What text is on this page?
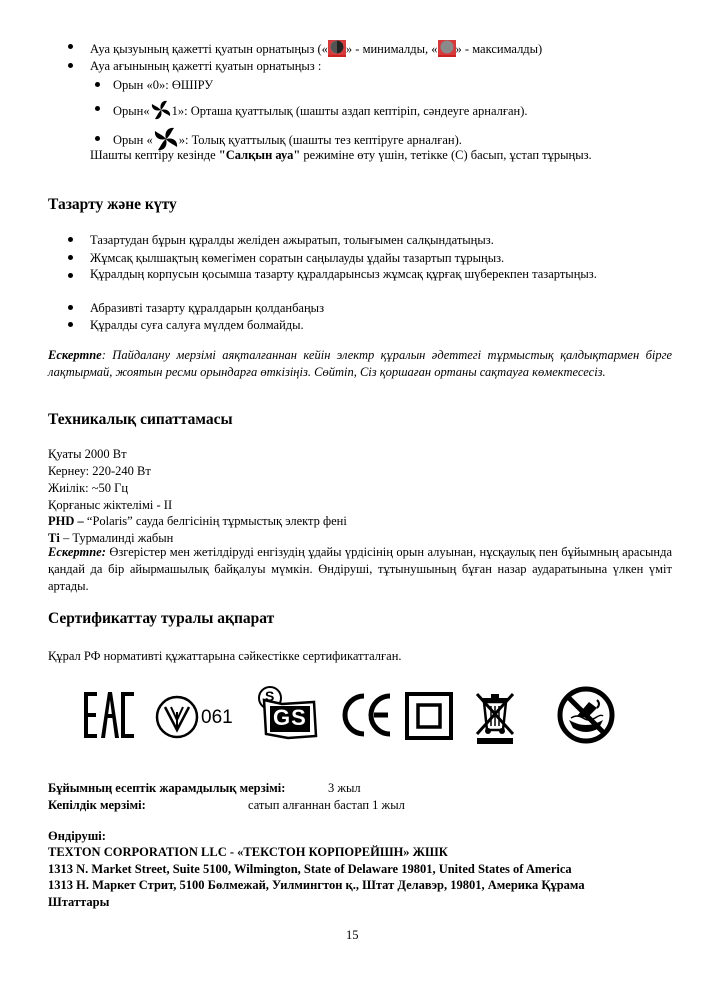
Ауа қызуының қажетті қуатын орнатыңыз (« » - минималды, « » - максималды)
Ауа ағынының қажетті қуатын орнатыңыз :
Орын «0»: ӨШІРУ
Орын« 1»: Орташа қуаттылық (шашты аздап кептіріп, сәндеуге арналған).
Орын « »: Толық қуаттылық (шашты тез кептіруге арналған).
Шашты кептіру кезінде "Салқын ауа" режиміне өту үшін, тетікке (С) басып, ұстап тұрыңыз.
Тазарту және күту
Тазартудан бұрын құралды желіден ажыратып, толығымен салқындатыңыз.
Жұмсақ қылшақтың көмегімен соратын саңылауды ұдайы тазартып тұрыңыз.
Құралдың корпусын қосымша тазарту құралдарынсыз жұмсақ құрғақ шүберекпен тазартыңыз.
Абразивті тазарту құралдарын қолданбаңыз
Құралды суға салуға мүлдем болмайды.
Ескертпе: Пайдалану мерзімі аяқталғаннан кейін электр құралын әдеттегі тұрмыстық қалдықтармен бірге лақтырмай, жоятын ресми орындарға өткізіңіз. Сөйтіп, Сіз қоршаған ортаны сақтауға көмектесесіз.
Техникалық сипаттамасы
Қуаты 2000 Вт
Кернеу: 220-240 Вт
Жиілік: ~50 Гц
Қорғаныс жіктелімі - II
PHD – “Polaris” сауда белгісінің тұрмыстық электр фені
Ті – Турмалинді жабын
Ескертпе: Өзгерістер мен жетілдіруді енгізудің ұдайы үрдісінің орын алуынан, нұсқаулық пен бұйымның арасында қандай да бір айырмашылық байқалуы мүмкін. Өндіруші, тұтынушының бұған назар аударатынына үлкен үміт артады.
Сертификаттау туралы ақпарат
Құрал РФ нормативті құжаттарына сәйкестікке сертификатталған.
061
S
GS
Бұйымның есептік жарамдылық мерзімі:	3 жыл
Кепілдік мерзімі:	сатып алғаннан бастап 1 жыл
Өндіруші:
TEXTON CORPORATION LLC - «ТЕКСТОН КОРПОРЕЙШН» ЖШК
1313 N. Market Street, Suite 5100, Wilmington, State of Delaware 19801, United States of America
1313 Н. Маркет Стрит, 5100 Бөлмежай, Уилмингтон қ., Штат Делавэр, 19801, Америка Құрама Штаттары
15
